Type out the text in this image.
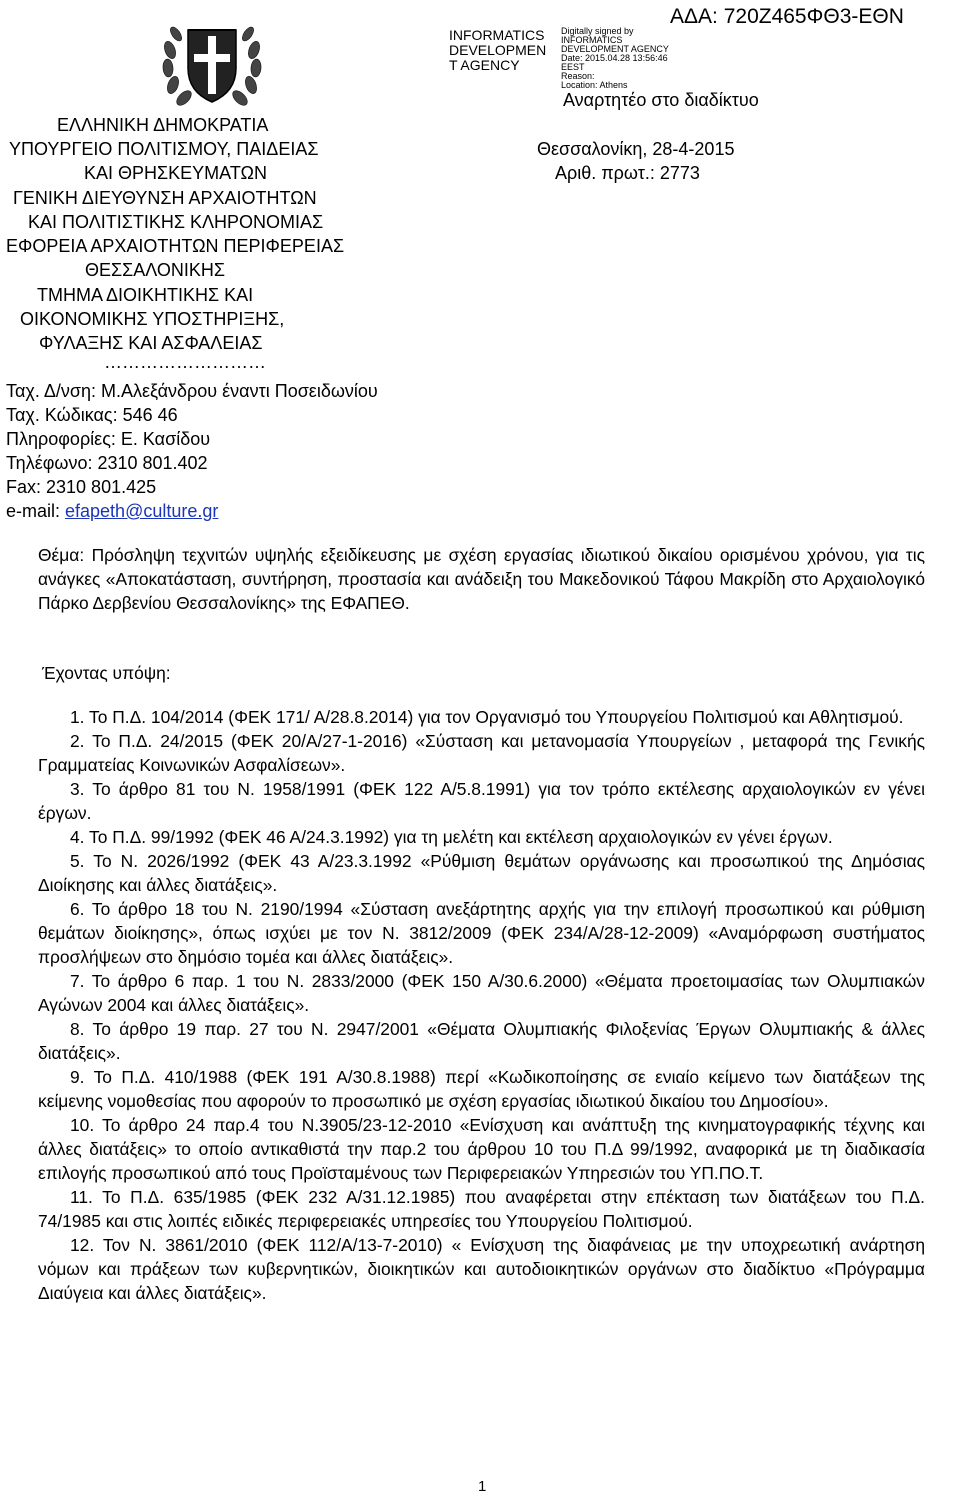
ΕΛΛΗΝΙΚΗ ΔΗΜΟΚΡΑΤΙΑ
ΥΠΟΥΡΓΕΙΟ ΠΟΛΙΤΙΣΜΟΥ, ΠΑΙΔΕΙΑΣ
ΚΑΙ ΘΡΗΣΚΕΥΜΑΤΩΝ
ΓΕΝΙΚΗ ΔΙΕΥΘΥΝΣΗ ΑΡΧΑΙΟΤΗΤΩΝ
ΚΑΙ ΠΟΛΙΤΙΣΤΙΚΗΣ ΚΛΗΡΟΝΟΜΙΑΣ
ΕΦΟΡΕΙΑ ΑΡΧΑΙΟΤΗΤΩΝ ΠΕΡΙΦΕΡΕΙΑΣ
ΘΕΣΣΑΛΟΝΙΚΗΣ
ΤΜΗΜΑ ΔΙΟΙΚΗΤΙΚΗΣ ΚΑΙ
ΟΙΚΟΝΟΜΙΚΗΣ ΥΠΟΣΤΗΡΙΞΗΣ,
ΦΥΛΑΞΗΣ ΚΑΙ ΑΣΦΑΛΕΙΑΣ
………………………
Ταχ. Δ/νση: Μ.Αλεξάνδρου έναντι Ποσειδωνίου
Ταχ. Κώδικας: 546 46
Πληροφορίες: Ε. Κασίδου
Τηλέφωνο: 2310 801.402
Fax: 2310 801.425
e-mail: efapeth@culture.gr
INFORMATICS
DEVELOPMEN
T AGENCY
Digitally signed by
INFORMATICS
DEVELOPMENT AGENCY
Date: 2015.04.28 13:56:46
EEST
Reason:
Location: Athens
ΑΔΑ: 720Ζ465ΦΘ3-ΕΘΝ
Αναρτητέο στο διαδίκτυο
Θεσσαλονίκη, 28-4-2015
Αριθ. πρωτ.: 2773

Θέμα: Πρόσληψη τεχνιτών υψηλής εξειδίκευσης με σχέση εργασίας ιδιωτικού δικαίου ορισμένου χρόνου, για τις ανάγκες «Αποκατάσταση, συντήρηση, προστασία και ανάδειξη του Μακεδονικού Τάφου Μακρίδη στο Αρχαιολογικό Πάρκο Δερβενίου Θεσσαλονίκης» της ΕΦΑΠΕΘ.

Έχοντας υπόψη:

1. Το Π.Δ. 104/2014 (ΦΕΚ 171/ Α/28.8.2014) για τον Οργανισμό του Υπουργείου Πολιτισμού και Αθλητισμού.

2. Το Π.Δ. 24/2015 (ΦΕΚ 20/Α/27-1-2016) «Σύσταση και μετανομασία Υπουργείων , μεταφορά της Γενικής Γραμματείας Κοινωνικών Ασφαλίσεων».

3. Το άρθρο 81 του Ν. 1958/1991 (ΦΕΚ 122 Α/5.8.1991) για τον τρόπο εκτέλεσης αρχαιολογικών εν γένει έργων.

4. Το Π.Δ. 99/1992 (ΦΕΚ 46 Α/24.3.1992) για τη μελέτη και εκτέλεση αρχαιολογικών εν γένει έργων.

5. Το Ν. 2026/1992 (ΦΕΚ 43 Α/23.3.1992 «Ρύθμιση θεμάτων οργάνωσης και προσωπικού της Δημόσιας Διοίκησης και άλλες διατάξεις».

6. Το άρθρο 18 του Ν. 2190/1994 «Σύσταση ανεξάρτητης αρχής για την επιλογή προσωπικού και ρύθμιση θεμάτων διοίκησης», όπως ισχύει με τον Ν. 3812/2009 (ΦΕΚ 234/Α/28-12-2009) «Αναμόρφωση συστήματος προσλήψεων στο δημόσιο τομέα και άλλες διατάξεις».

7. Το άρθρο 6 παρ. 1 του Ν. 2833/2000 (ΦΕΚ 150 Α/30.6.2000) «Θέματα προετοιμασίας των Ολυμπιακών Αγώνων 2004 και άλλες διατάξεις».

8. Το άρθρο 19 παρ. 27 του Ν. 2947/2001 «Θέματα Ολυμπιακής Φιλοξενίας Έργων Ολυμπιακής & άλλες διατάξεις».

9. Το Π.Δ. 410/1988 (ΦΕΚ 191 Α/30.8.1988) περί «Κωδικοποίησης σε ενιαίο κείμενο των διατάξεων της κείμενης νομοθεσίας που αφορούν το προσωπικό με σχέση εργασίας ιδιωτικού δικαίου του Δημοσίου».

10. Το άρθρο 24 παρ.4 του Ν.3905/23-12-2010 «Ενίσχυση και ανάπτυξη της κινηματογραφικής τέχνης και άλλες διατάξεις» το οποίο αντικαθιστά την παρ.2 του άρθρου 10 του Π.Δ 99/1992, αναφορικά με τη διαδικασία επιλογής προσωπικού από τους Προϊσταμένους των Περιφερειακών Υπηρεσιών του ΥΠ.ΠΟ.Τ.

11. Το Π.Δ. 635/1985 (ΦΕΚ 232 Α/31.12.1985) που αναφέρεται στην επέκταση των διατάξεων του Π.Δ. 74/1985 και στις λοιπές ειδικές περιφερειακές υπηρεσίες του Υπουργείου Πολιτισμού.

12. Τον Ν. 3861/2010 (ΦΕΚ 112/Α/13-7-2010) « Ενίσχυση της διαφάνειας με την υποχρεωτική ανάρτηση νόμων και πράξεων των κυβερνητικών, διοικητικών και αυτοδιοικητικών οργάνων στο διαδίκτυο «Πρόγραμμα Διαύγεια και άλλες διατάξεις».

1
